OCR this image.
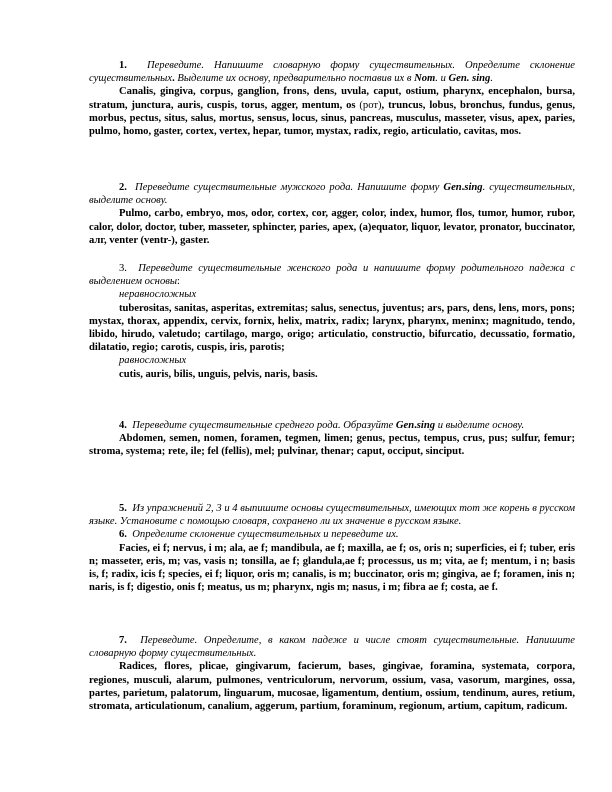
1. Переведите. Напишите словарную форму существительных. Определите склонение существительных. Выделите их основу, предварительно поставив их в Nom. и Gen. sing.

Canalis, gingiva, corpus, ganglion, frons, dens, uvula, caput, ostium, pharynx, encephalon, bursa, stratum, junctura, auris, cuspis, torus, agger, mentum, os (рот), truncus, lobus, bronchus, fundus, genus, morbus, pectus, situs, salus, mortus, sensus, locus, sinus, pancreas, musculus, masseter, visus, apex, paries, pulmo, homo, gaster, cortex, vertex, hepar, tumor, mystax, radix, regio, articulatio, cavitas, mos.

2. Переведите существительные мужского рода. Напишите форму Gen.sing. существительных, выделите основу.

Pulmo, carbo, embryo, mos, odor, cortex, cor, agger, color, index, humor, flos, tumor, humor, rubor, calor, dolor, doctor, tuber, masseter, sphincter, paries, apex, (a)equator, liquor, levator, pronator, buccinator, алг, venter (ventr-), gaster.

3. Переведите существительные женского рода и напишите форму родительного падежа с выделением основы:

неравносложных

tuberositas, sanitas, asperitas, extremitas; salus, senectus, juventus; ars, pars, dens, lens, mors, pons; mystax, thorax, appendix, cervix, fornix, helix, matrix, radix; larynx, pharynx, meninx; magnitudo, tendo, libido, hirudo, valetudo; cartilago, margo, origo; articulatio, constructio, bifurcatio, decussatio, formatio, dilatatio, regio; carotis, cuspis, iris, parotis;

равносложных

cutis, auris, bilis, unguis, pelvis, naris, basis.

4. Переведите существительные среднего рода. Образуйте Gen.sing и выделите основу.

Abdomen, semen, nomen, foramen, tegmen, limen; genus, pectus, tempus, crus, pus; sulfur, femur; stroma, systema; rete, ile; fel (fellis), mel; pulvinar, thenar; caput, occiput, sinciput.

5. Из упражнений 2, 3 и 4 выпишите основы существительных, имеющих тот же корень в русском языке. Установите с помощью словаря, сохранено ли их значение в русском языке.

6. Определите склонение существительных и переведите их.

Facies, ei f; nervus, i m; ala, ae f; mandibula, ae f; maxilla, ae f; os, oris n; superficies, ei f; tuber, eris n; masseter, eris, m; vas, vasis n; tonsilla, ae f; glandula,ae f; processus, us m; vita, ae f; mentum, i n; basis is, f; radix, icis f; species, ei f; liquor, oris m; canalis, is m; buccinator, oris m; gingiva, ae f; foramen, inis n; naris, is f; digestio, onis f; meatus, us m; pharynx, ngis m; nasus, i m; fibra ae f; costa, ae f.

7. Переведите. Определите, в каком падеже и числе стоят существительные. Напишите словарную форму существительных.

Radices, flores, plicae, gingivarum, facierum, bases, gingivae, foramina, systemata, corpora, regiones, musculi, alarum, pulmones, ventriculorum, nervorum, ossium, vasa, vasorum, margines, ossa, partes, parietum, palatorum, linguarum, mucosae, ligamentum, dentium, ossium, tendinum, aures, retium, stromata, articulationum, canalium, aggerum, partium, foraminum, regionum, artium, capitum, radicum.
